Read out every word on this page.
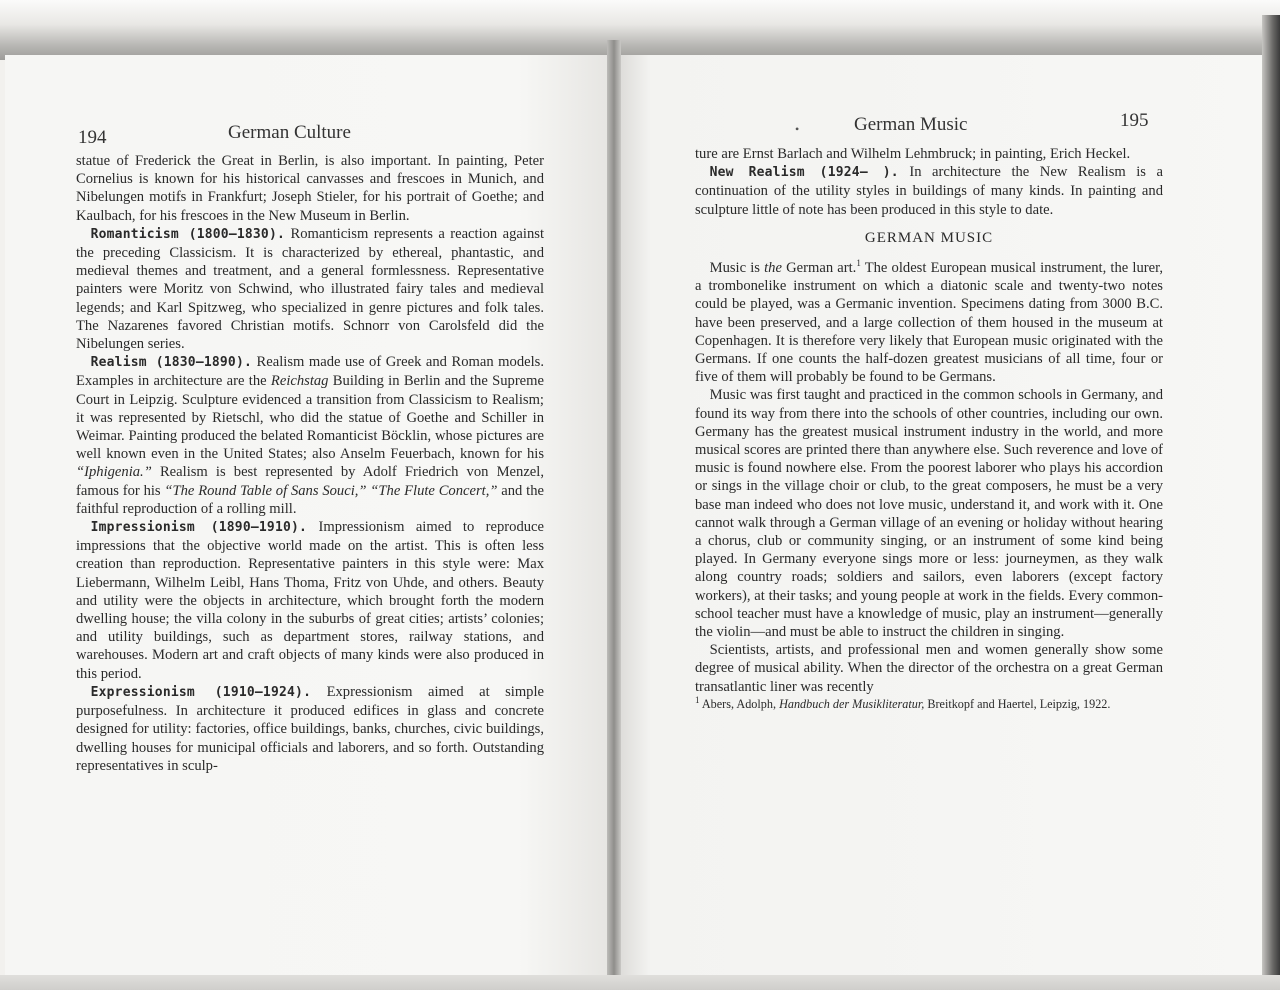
194	German Culture

statue of Frederick the Great in Berlin, is also important. In painting, Peter Cornelius is known for his historical canvasses and frescoes in Munich, and Nibelungen motifs in Frankfurt; Joseph Stieler, for his portrait of Goethe; and Kaulbach, for his frescoes in the New Museum in Berlin.

Romanticism (1800–1830). Romanticism represents a reaction against the preceding Classicism. It is characterized by ethereal, phantastic, and medieval themes and treatment, and a general formlessness. Representative painters were Moritz von Schwind, who illustrated fairy tales and medieval legends; and Karl Spitzweg, who specialized in genre pictures and folk tales. The Nazarenes favored Christian motifs. Schnorr von Carolsfeld did the Nibelungen series.

Realism (1830–1890). Realism made use of Greek and Roman models. Examples in architecture are the Reichstag Building in Berlin and the Supreme Court in Leipzig. Sculpture evidenced a transition from Classicism to Realism; it was represented by Rietschl, who did the statue of Goethe and Schiller in Weimar. Painting produced the belated Romanticist Böcklin, whose pictures are well known even in the United States; also Anselm Feuerbach, known for his “Iphigenia.” Realism is best represented by Adolf Friedrich von Menzel, famous for his “The Round Table of Sans Souci,” “The Flute Concert,” and the faithful reproduction of a rolling mill.

Impressionism (1890–1910). Impressionism aimed to reproduce impressions that the objective world made on the artist. This is often less creation than reproduction. Representative painters in this style were: Max Liebermann, Wilhelm Leibl, Hans Thoma, Fritz von Uhde, and others. Beauty and utility were the objects in architecture, which brought forth the modern dwelling house; the villa colony in the suburbs of great cities; artists’ colonies; and utility buildings, such as department stores, railway stations, and warehouses. Modern art and craft objects of many kinds were also produced in this period.

Expressionism (1910–1924). Expressionism aimed at simple purposefulness. In architecture it produced edifices in glass and concrete designed for utility: factories, office buildings, banks, churches, civic buildings, dwelling houses for municipal officials and laborers, and so forth. Outstanding representatives in sculp-

•	German Music	195

ture are Ernst Barlach and Wilhelm Lehmbruck; in painting, Erich Heckel.

New Realism (1924– ). In architecture the New Realism is a continuation of the utility styles in buildings of many kinds. In painting and sculpture little of note has been produced in this style to date.

GERMAN MUSIC

Music is the German art.$^1$ The oldest European musical instrument, the lurer, a trombonelike instrument on which a diatonic scale and twenty-two notes could be played, was a Germanic invention. Specimens dating from 3000 B.C. have been preserved, and a large collection of them housed in the museum at Copenhagen. It is therefore very likely that European music originated with the Germans. If one counts the half-dozen greatest musicians of all time, four or five of them will probably be found to be Germans.

Music was first taught and practiced in the common schools in Germany, and found its way from there into the schools of other countries, including our own. Germany has the greatest musical instrument industry in the world, and more musical scores are printed there than anywhere else. Such reverence and love of music is found nowhere else. From the poorest laborer who plays his accordion or sings in the village choir or club, to the great composers, he must be a very base man indeed who does not love music, understand it, and work with it. One cannot walk through a German village of an evening or holiday without hearing a chorus, club or community singing, or an instrument of some kind being played. In Germany everyone sings more or less: journeymen, as they walk along country roads; soldiers and sailors, even laborers (except factory workers), at their tasks; and young people at work in the fields. Every common-school teacher must have a knowledge of music, play an instrument—generally the violin—and must be able to instruct the children in singing.

Scientists, artists, and professional men and women generally show some degree of musical ability. When the director of the orchestra on a great German transatlantic liner was recently

$^1$ Abers, Adolph, Handbuch der Musikliteratur, Breitkopf and Haertel, Leipzig, 1922.
